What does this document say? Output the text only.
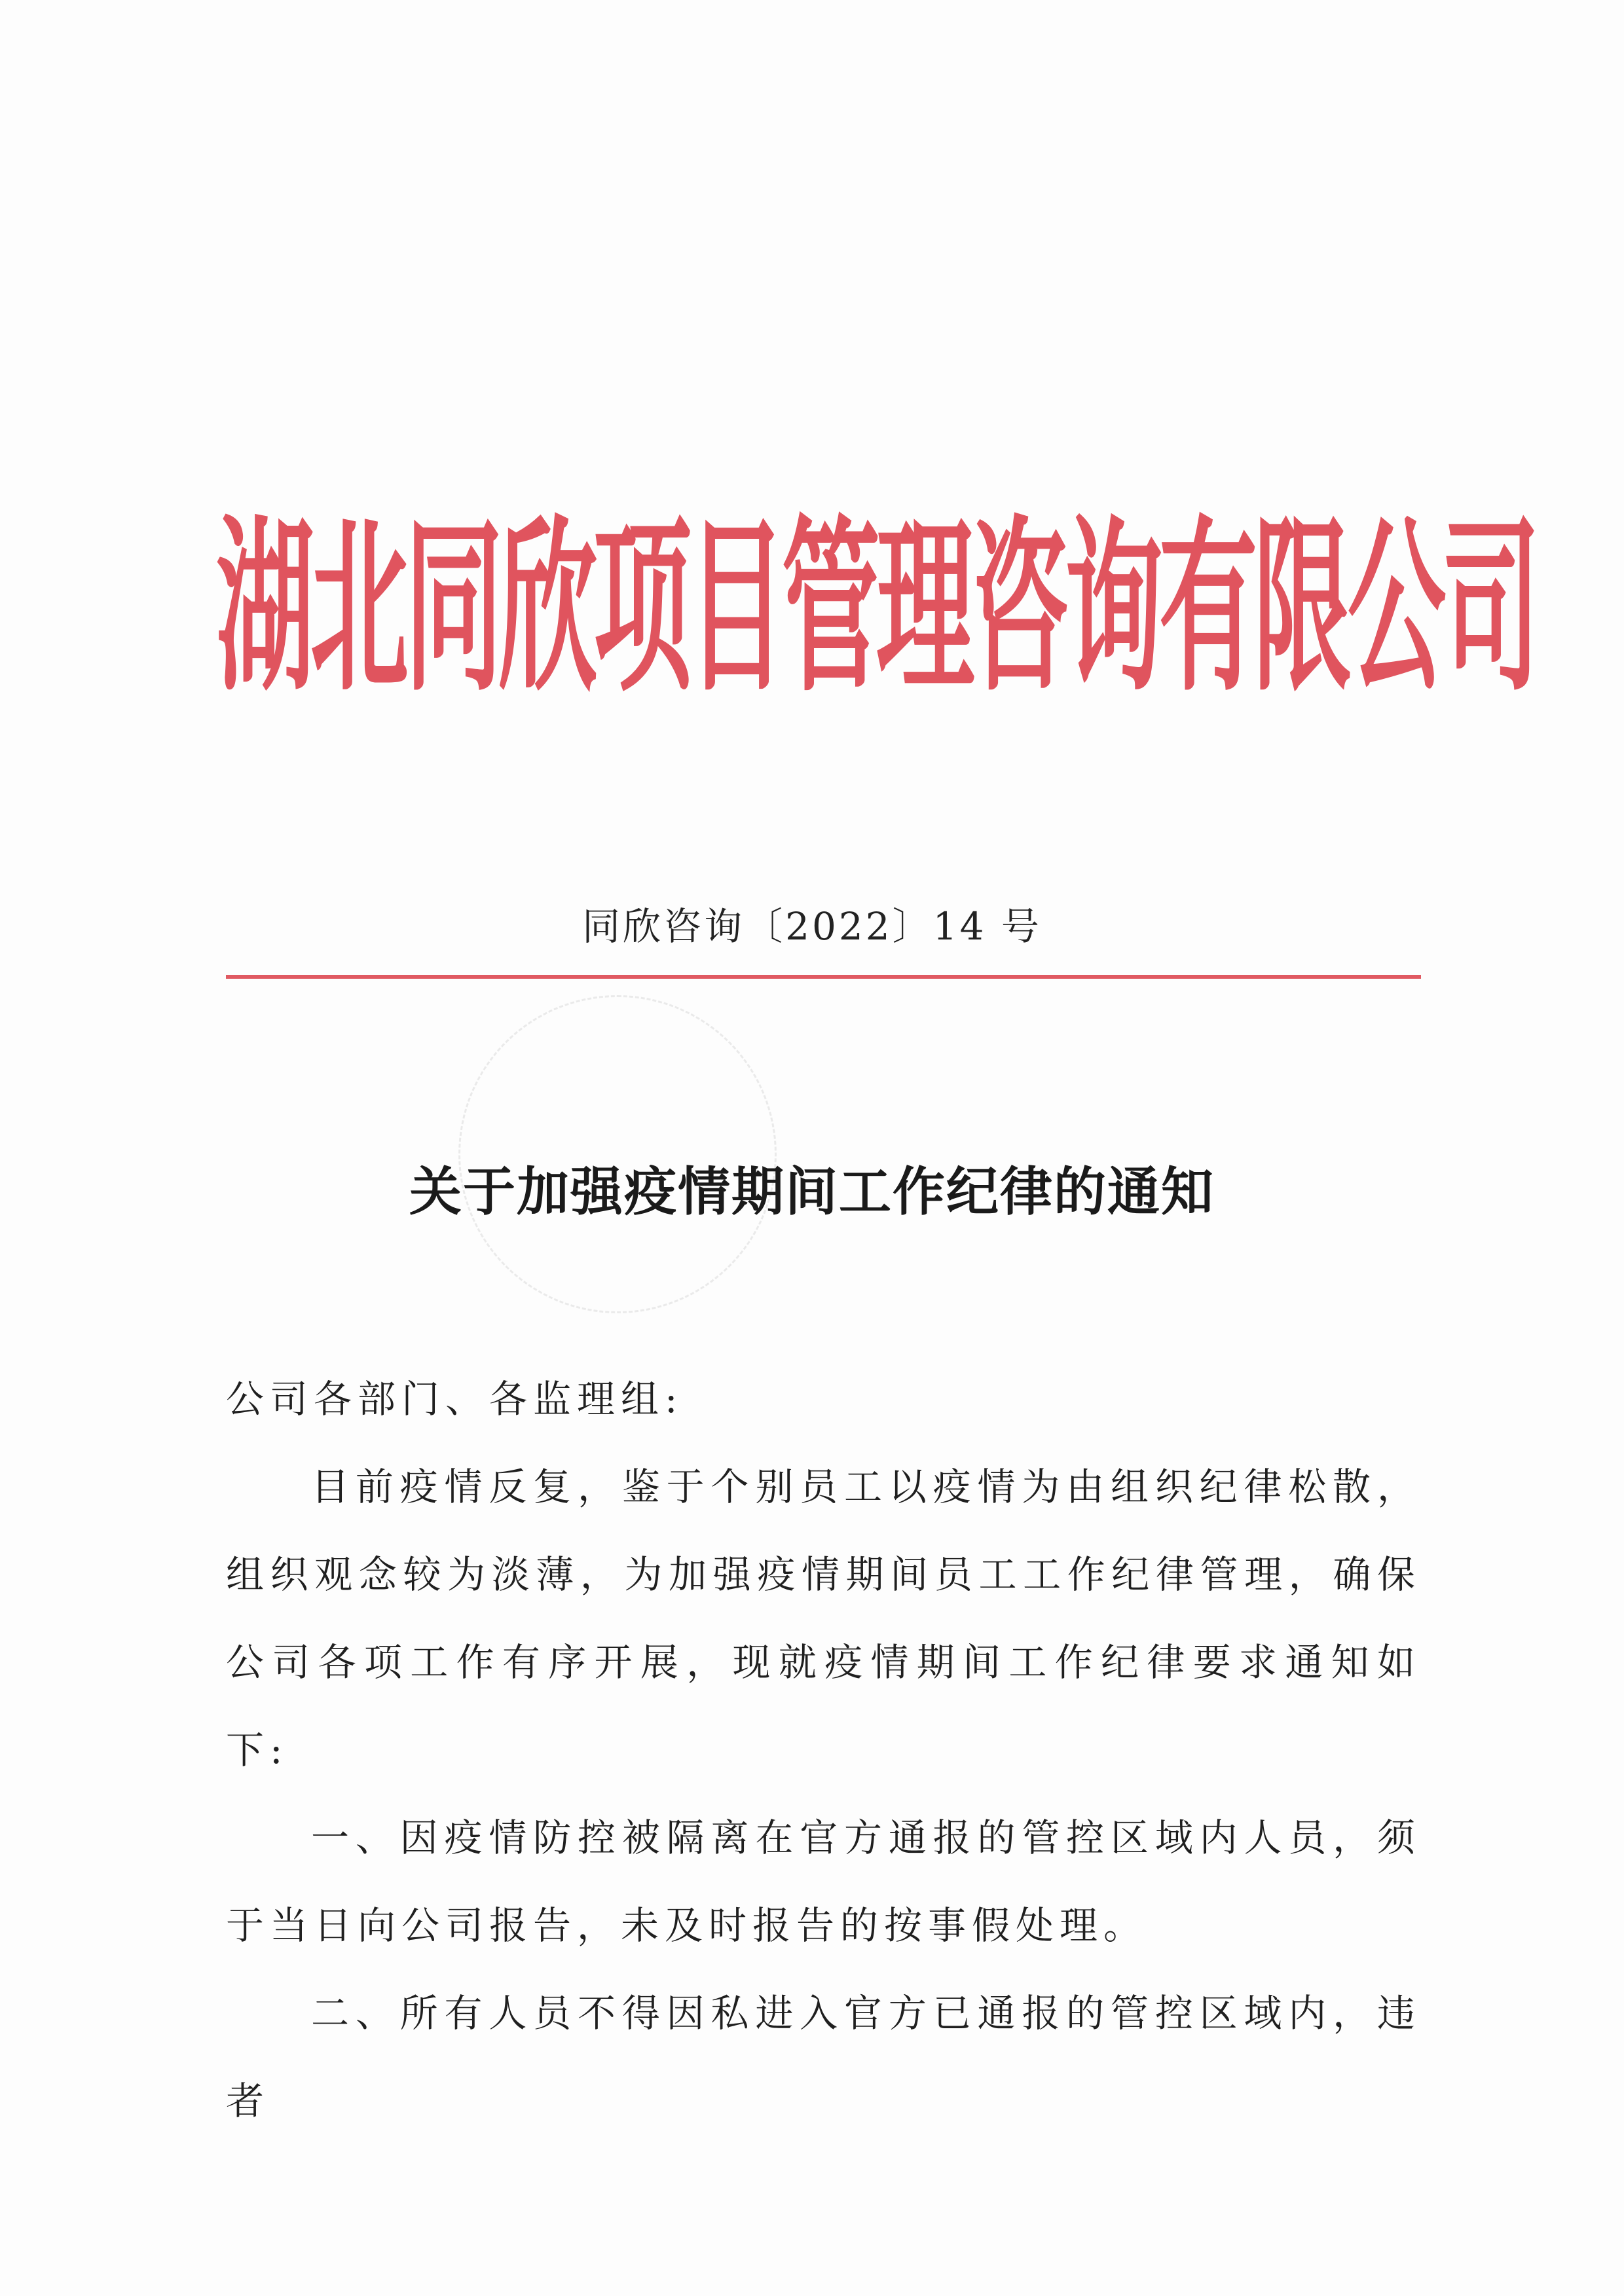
湖北同欣项目管理咨询有限公司
同欣咨询〔2022〕14 号
关于加强疫情期间工作纪律的通知

公司各部门、各监理组:

目前疫情反复，鉴于个别员工以疫情为由组织纪律松散，组织观念较为淡薄，为加强疫情期间员工工作纪律管理，确保公司各项工作有序开展，现就疫情期间工作纪律要求通知如下:

一、因疫情防控被隔离在官方通报的管控区域内人员，须于当日向公司报告，未及时报告的按事假处理。

二、所有人员不得因私进入官方已通报的管控区域内，违者
